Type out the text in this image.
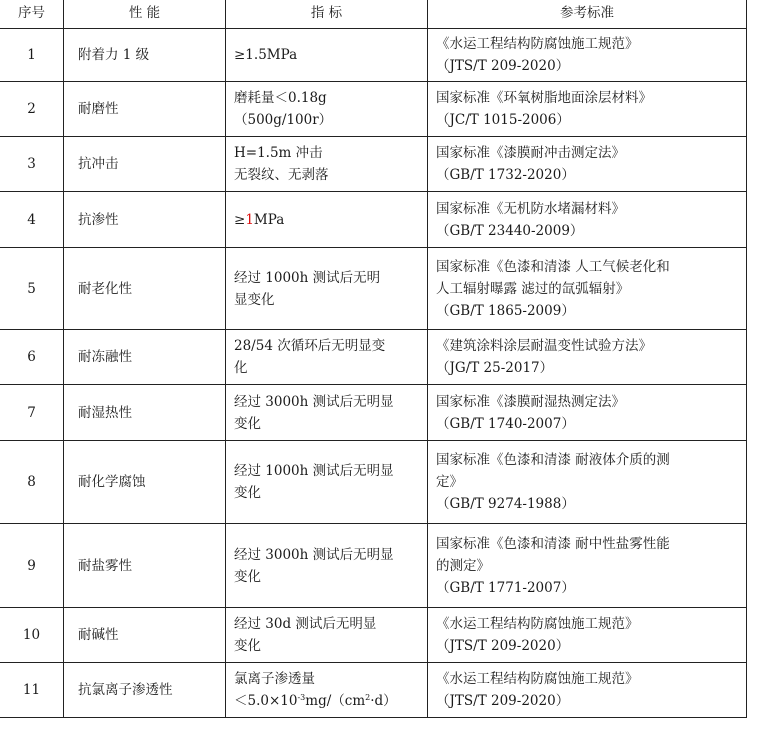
序号	性 能	指 标	参考标准
1	附着力 1 级	≥1.5MPa	《水运工程结构防腐蚀施工规范》
（JTS/T 209-2020）

2	耐磨性	磨耗量＜0.18g
（500g/100r）	国家标准《环氧树脂地面涂层材料》
（JC/T 1015-2006）

3	抗冲击	H=1.5m 冲击
无裂纹、无剥落	国家标准《漆膜耐冲击测定法》
（GB/T 1732-2020）

4	抗渗性	≥1MPa	国家标准《无机防水堵漏材料》
（GB/T 23440-2009）

5	耐老化性	经过 1000h 测试后无明
显变化	国家标准《色漆和清漆 人工气候老化和
人工辐射曝露 滤过的氙弧辐射》
（GB/T 1865-2009）

6	耐冻融性	28/54 次循环后无明显变
化	《建筑涂料涂层耐温变性试验方法》
（JG/T 25-2017）

7	耐湿热性	经过 3000h 测试后无明显
变化	国家标准《漆膜耐湿热测定法》
（GB/T 1740-2007）

8	耐化学腐蚀	经过 1000h 测试后无明显
变化	国家标准《色漆和清漆 耐液体介质的测
定》
（GB/T 9274-1988）

9	耐盐雾性	经过 3000h 测试后无明显
变化	国家标准《色漆和清漆 耐中性盐雾性能
的测定》
（GB/T 1771-2007）

10	耐碱性	经过 30d 测试后无明显
变化	《水运工程结构防腐蚀施工规范》
（JTS/T 209-2020）

11	抗氯离子渗透性	氯离子渗透量
$<5.0\times 10^{-3}mg/(cm^2\cdot d)$	《水运工程结构防腐蚀施工规范》
（JTS/T 209-2020）
